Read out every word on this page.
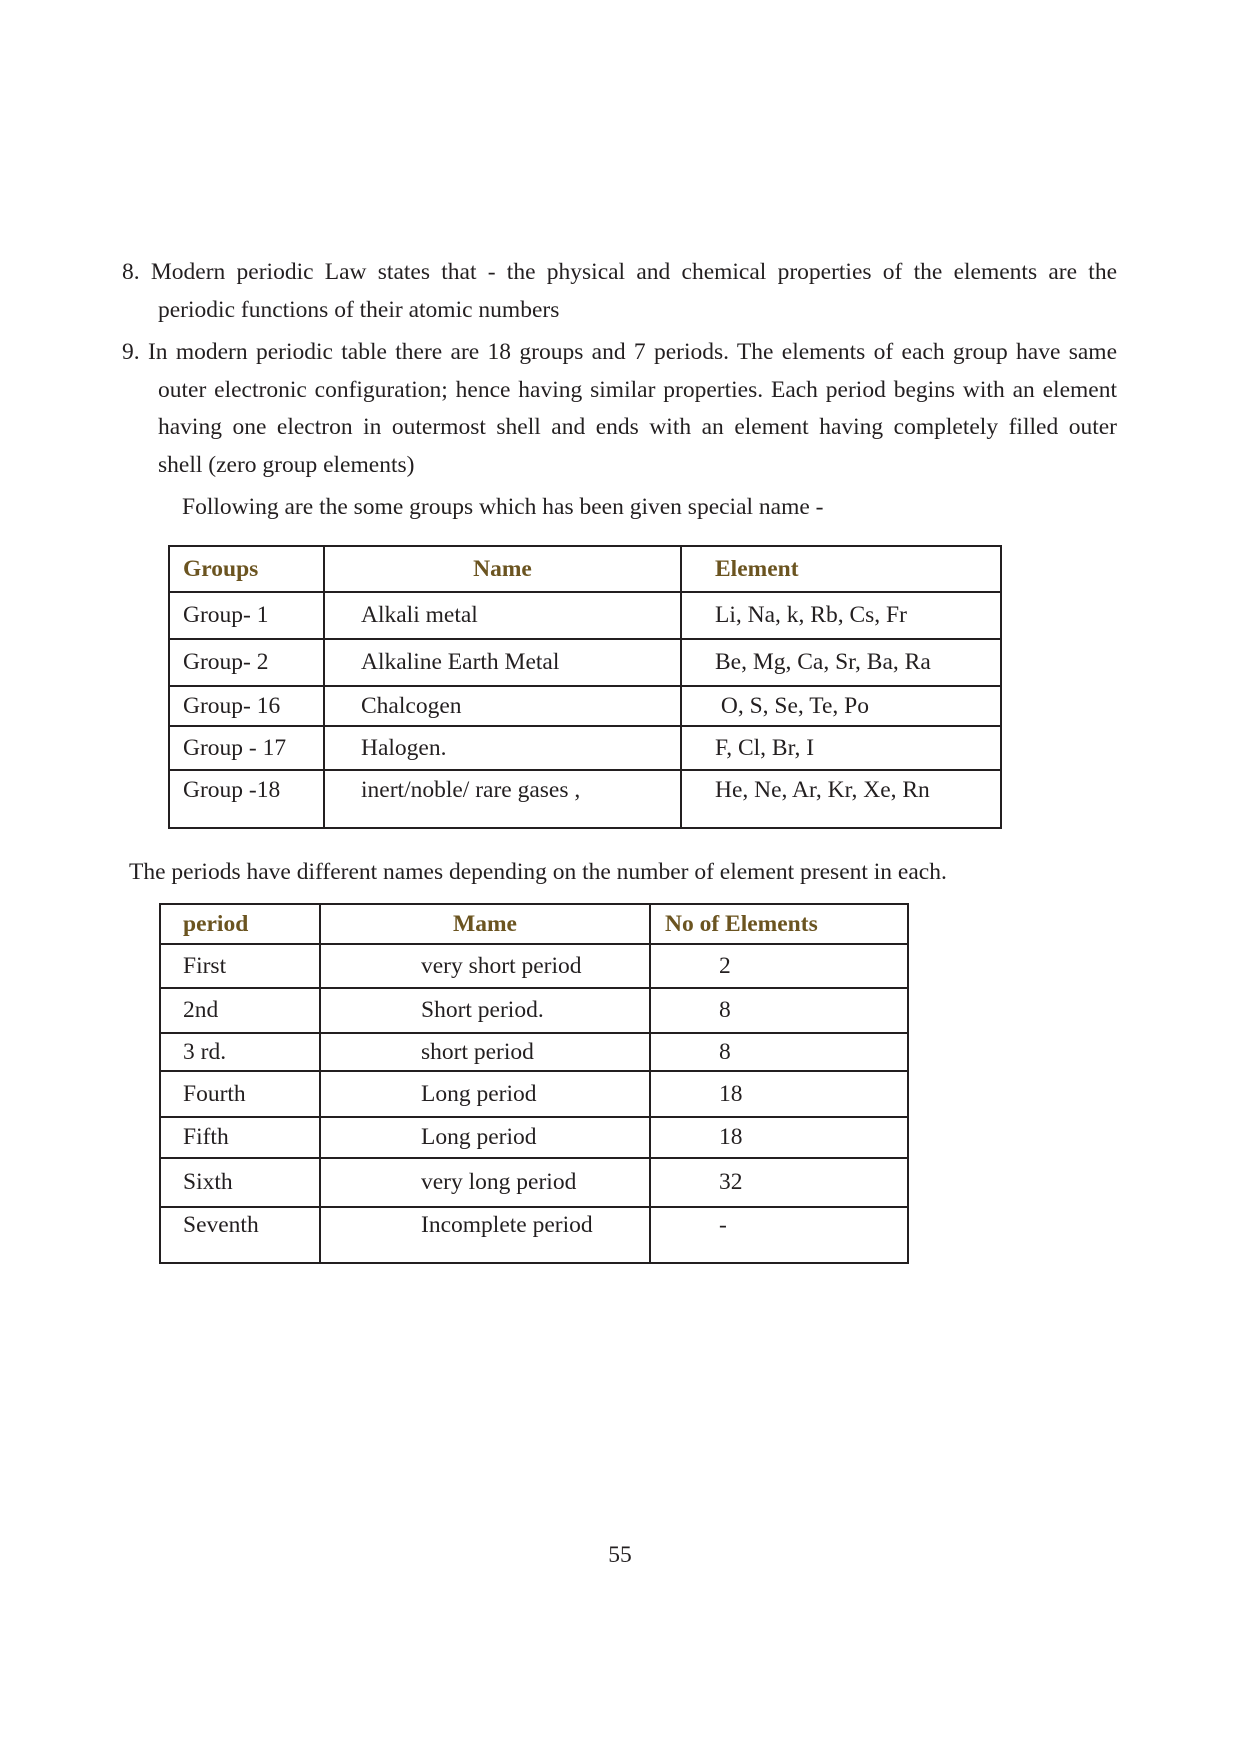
8. Modern periodic Law states that - the physical and chemical properties of the elements are the
periodic functions of their atomic numbers
9. In modern periodic table there are 18 groups and 7 periods. The elements of each group have same
outer electronic configuration; hence having similar properties. Each period begins with an element
having one electron in outermost shell and ends with an element having completely filled outer
shell (zero group elements)

Following are the some groups which has been given special name -

Groups	Name	Element
Group- 1	Alkali metal	Li, Na, k, Rb, Cs, Fr
Group- 2	Alkaline Earth Metal	Be, Mg, Ca, Sr, Ba, Ra
Group- 16	Chalcogen	O, S, Se, Te, Po
Group - 17	Halogen.	F, Cl, Br, I
Group -18	inert/noble/ rare gases ,	He, Ne, Ar, Kr, Xe, Rn

The periods have different names depending on the number of element present in each.

period	Mame	No of Elements
First	very short period	2
2nd	Short period.	8
3 rd.	short period	8
Fourth	Long period	18
Fifth	Long period	18
Sixth	very long period	32
Seventh	Incomplete period	-
55
